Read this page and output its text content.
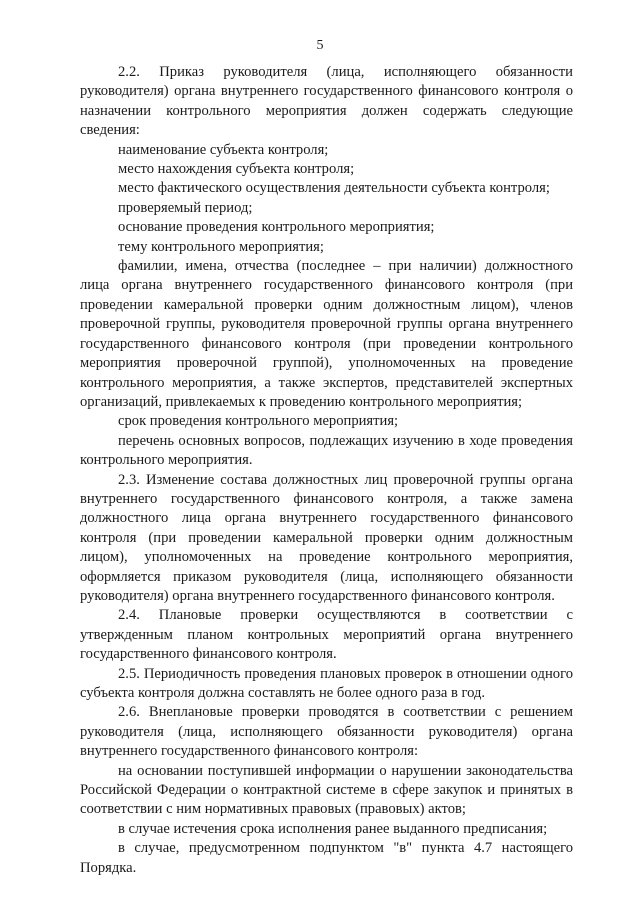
5

2.2. Приказ руководителя (лица, исполняющего обязанности руководителя) органа внутреннего государственного финансового контроля о назначении контрольного мероприятия должен содержать следующие сведения:

наименование субъекта контроля;

место нахождения субъекта контроля;

место фактического осуществления деятельности субъекта контроля;

проверяемый период;

основание проведения контрольного мероприятия;

тему контрольного мероприятия;

фамилии, имена, отчества (последнее – при наличии) должностного лица органа внутреннего государственного финансового контроля (при проведении камеральной проверки одним должностным лицом), членов проверочной группы, руководителя проверочной группы органа внутреннего государственного финансового контроля (при проведении контрольного мероприятия проверочной группой), уполномоченных на проведение контрольного мероприятия, а также экспертов, представителей экспертных организаций, привлекаемых к проведению контрольного мероприятия;

срок проведения контрольного мероприятия;

перечень основных вопросов, подлежащих изучению в ходе проведения контрольного мероприятия.

2.3. Изменение состава должностных лиц проверочной группы органа внутреннего государственного финансового контроля, а также замена должностного лица органа внутреннего государственного финансового контроля (при проведении камеральной проверки одним должностным лицом), уполномоченных на проведение контрольного мероприятия, оформляется приказом руководителя (лица, исполняющего обязанности руководителя) органа внутреннего государственного финансового контроля.

2.4. Плановые проверки осуществляются в соответствии с утвержденным планом контрольных мероприятий органа внутреннего государственного финансового контроля.

2.5. Периодичность проведения плановых проверок в отношении одного субъекта контроля должна составлять не более одного раза в год.

2.6. Внеплановые проверки проводятся в соответствии с решением руководителя (лица, исполняющего обязанности руководителя) органа внутреннего государственного финансового контроля:

на основании поступившей информации о нарушении законодательства Российской Федерации о контрактной системе в сфере закупок и принятых в соответствии с ним нормативных правовых (правовых) актов;

в случае истечения срока исполнения ранее выданного предписания;

в случае, предусмотренном подпунктом "в" пункта 4.7 настоящего Порядка.
